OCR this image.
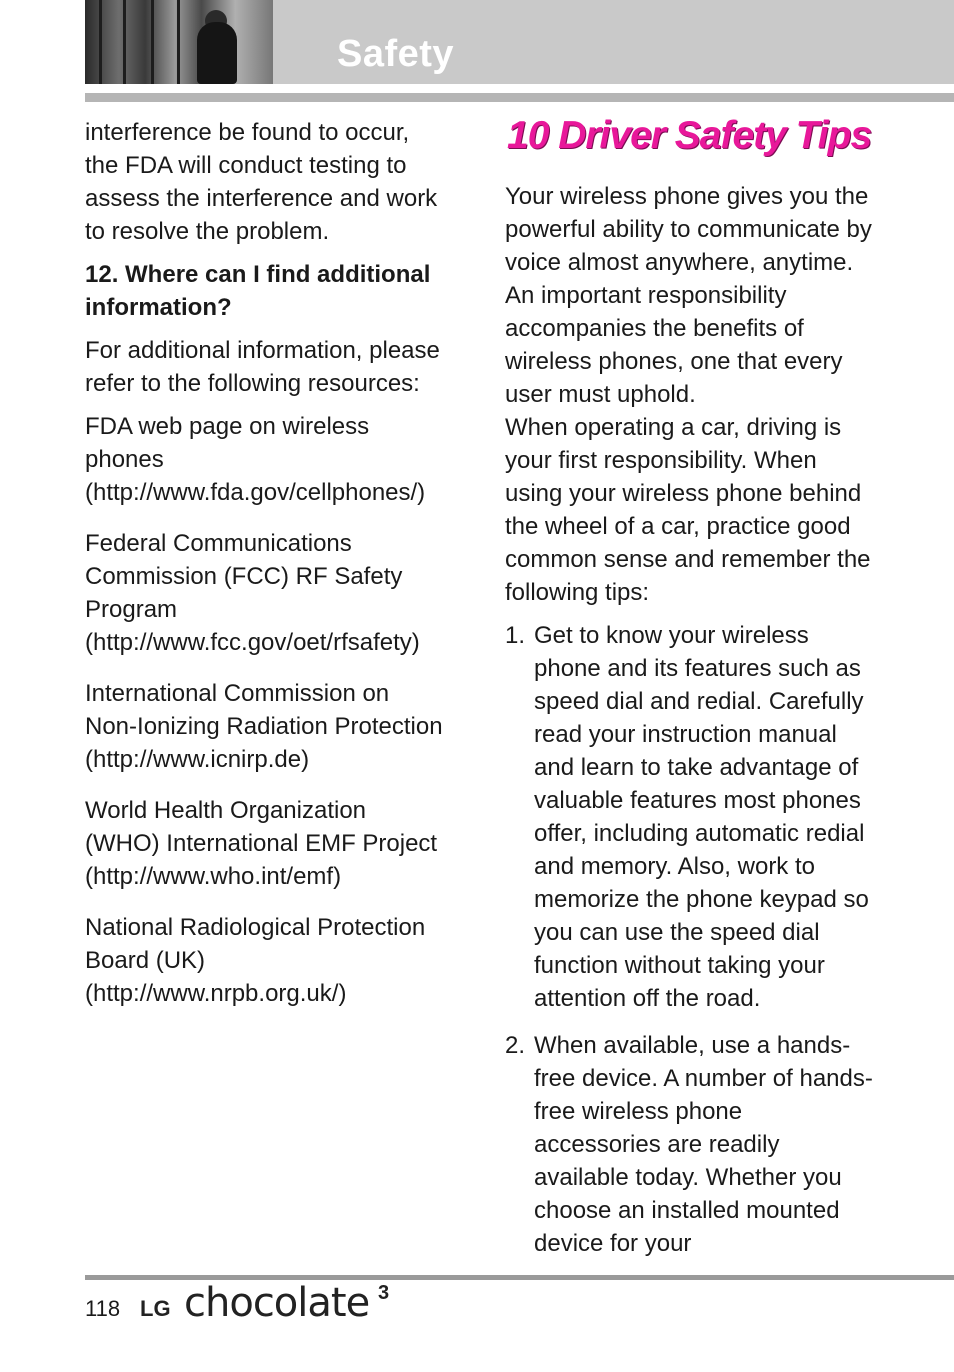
Safety

interference be found to occur, the FDA will conduct testing to assess the interference and work to resolve the problem.

12. Where can I find additional information?

For additional information, please refer to the following resources:

FDA web page on wireless phones
(http://www.fda.gov/cellphones/)
Federal Communications Commission (FCC) RF Safety Program
(http://www.fcc.gov/oet/rfsafety)
International Commission on Non-Ionizing Radiation Protection
(http://www.icnirp.de)
World Health Organization (WHO) International EMF Project
(http://www.who.int/emf)
National Radiological Protection Board (UK)
(http://www.nrpb.org.uk/)
10 Driver Safety Tips

Your wireless phone gives you the powerful ability to communicate by voice almost anywhere, anytime. An important responsibility accompanies the benefits of wireless phones, one that every user must uphold.

When operating a car, driving is your first responsibility. When using your wireless phone behind the wheel of a car, practice good common sense and remember the following tips:

1. Get to know your wireless phone and its features such as speed dial and redial. Carefully read your instruction manual and learn to take advantage of valuable features most phones offer, including automatic redial and memory. Also, work to memorize the phone keypad so you can use the speed dial function without taking your attention off the road.
2. When available, use a hands-free device. A number of hands-free wireless phone accessories are readily available today. Whether you choose an installed mounted device for your
118 LG chocolate 3
